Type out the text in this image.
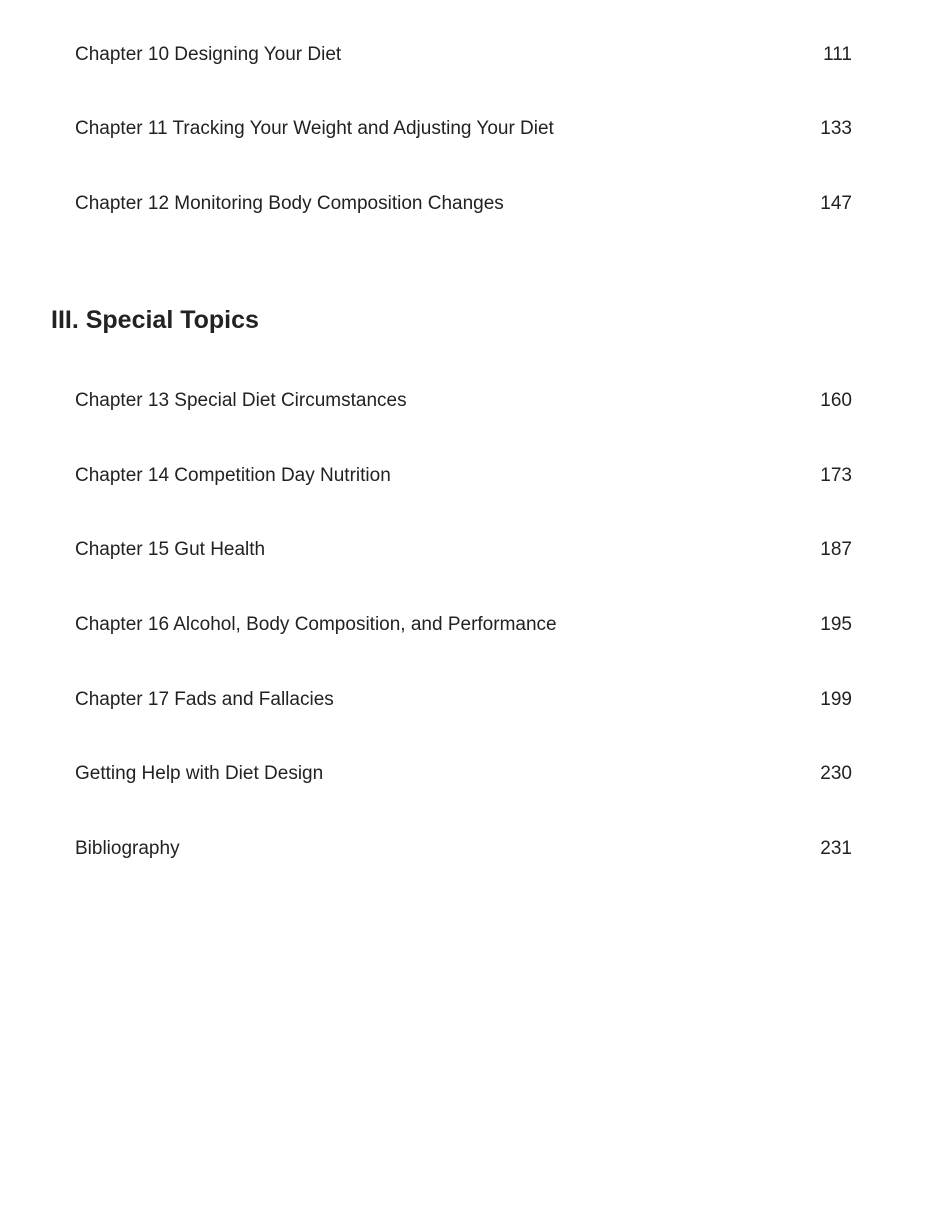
Chapter 10 Designing Your Diet	111
Chapter 11 Tracking Your Weight and Adjusting Your Diet	133
Chapter 12 Monitoring Body Composition Changes	147
III. Special Topics
Chapter 13 Special Diet Circumstances	160
Chapter 14 Competition Day Nutrition	173
Chapter 15 Gut Health	187
Chapter 16 Alcohol, Body Composition, and Performance	195
Chapter 17 Fads and Fallacies	199
Getting Help with Diet Design	230
Bibliography	231
